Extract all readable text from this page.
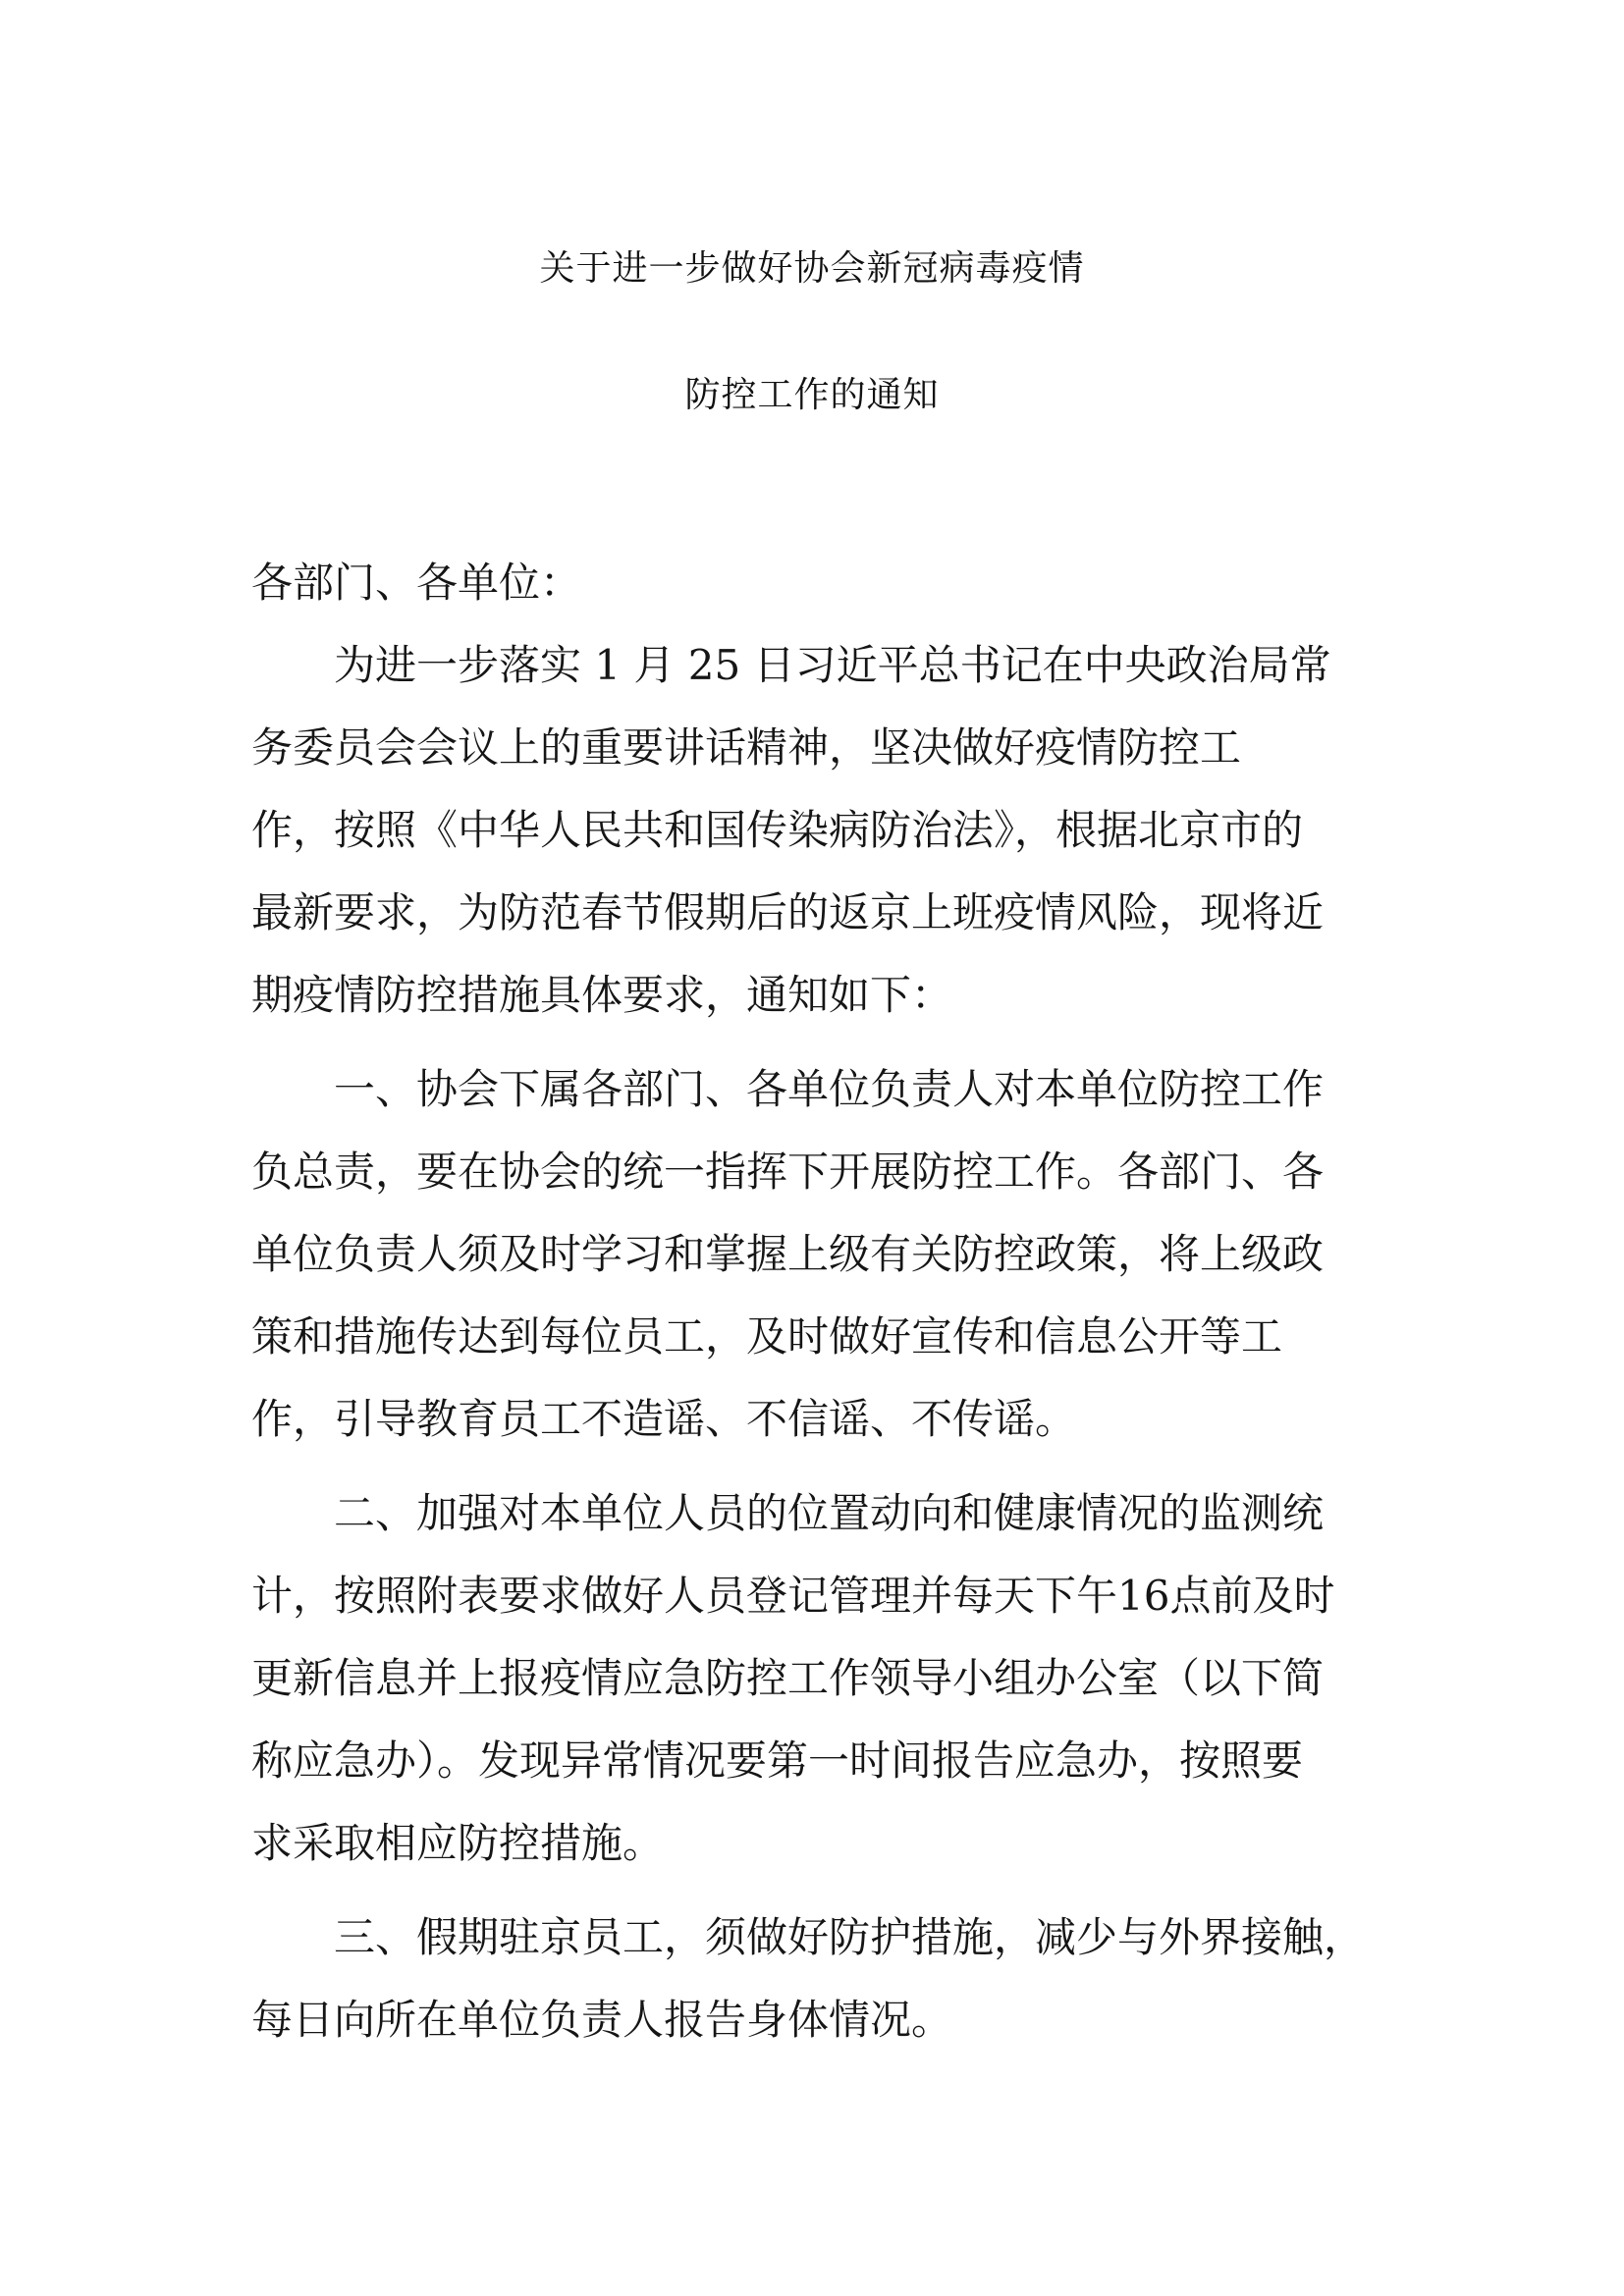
关于进一步做好协会新冠病毒疫情
防控工作的通知
各部门、各单位：
为进一步落实 1 月 25 日习近平总书记在中央政治局常
务委员会会议上的重要讲话精神，坚决做好疫情防控工
作，按照《中华人民共和国传染病防治法》，根据北京市的
最新要求，为防范春节假期后的返京上班疫情风险，现将近
期疫情防控措施具体要求，通知如下：
一、协会下属各部门、各单位负责人对本单位防控工作
负总责，要在协会的统一指挥下开展防控工作。各部门、各
单位负责人须及时学习和掌握上级有关防控政策，将上级政
策和措施传达到每位员工，及时做好宣传和信息公开等工
作，引导教育员工不造谣、不信谣、不传谣。
二、加强对本单位人员的位置动向和健康情况的监测统
计，按照附表要求做好人员登记管理并每天下午16点前及时
更新信息并上报疫情应急防控工作领导小组办公室（以下简
称应急办）。发现异常情况要第一时间报告应急办，按照要
求采取相应防控措施。
三、假期驻京员工，须做好防护措施，减少与外界接触，
每日向所在单位负责人报告身体情况。
